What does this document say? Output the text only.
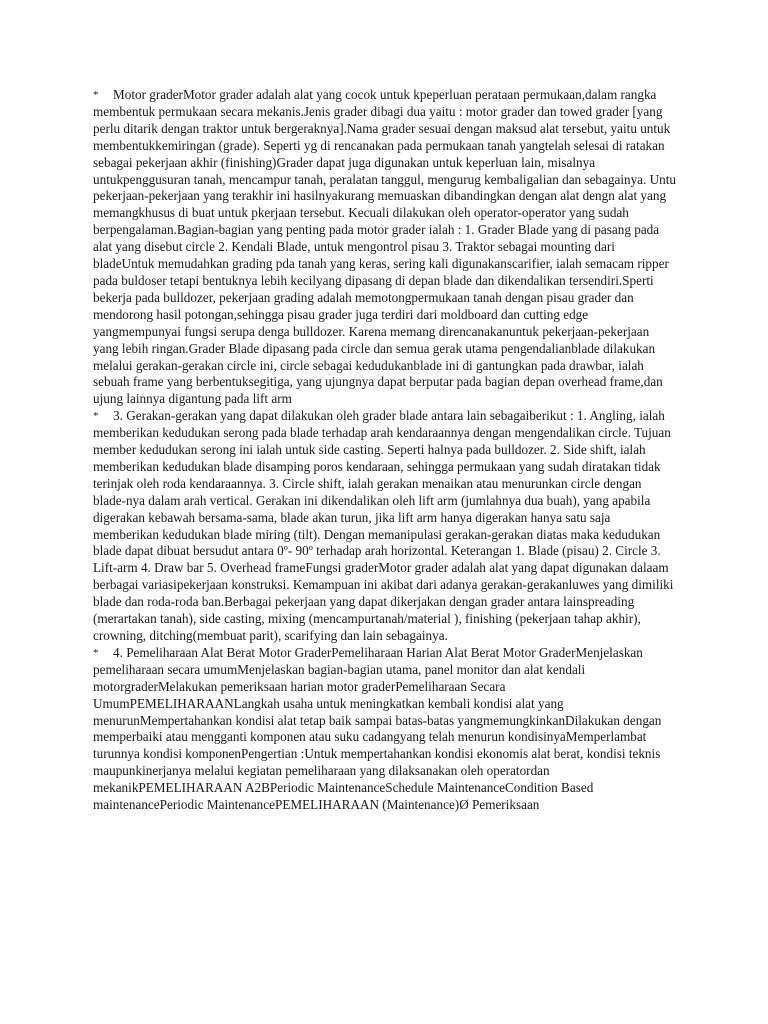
* Motor graderMotor grader adalah alat yang cocok untuk kpeperluan perataan permukaan,dalam rangka membentuk permukaan secara mekanis.Jenis grader dibagi dua yaitu : motor grader dan towed grader [yang perlu ditarik dengan traktor untuk bergeraknya].Nama grader sesuai dengan maksud alat tersebut, yaitu untuk membentukkemiringan (grade). Seperti yg di rencanakan pada permukaan tanah yangtelah selesai di ratakan sebagai pekerjaan akhir (finishing)Grader dapat juga digunakan untuk keperluan lain, misalnya untukpenggusuran tanah, mencampur tanah, peralatan tanggul, mengurug kembaligalian dan sebagainya. Untu pekerjaan-pekerjaan yang terakhir ini hasilnyakurang memuaskan dibandingkan dengan alat dengn alat yang memangkhusus di buat untuk pkerjaan tersebut. Kecuali dilakukan oleh operator-operator yang sudah berpengalaman.Bagian-bagian yang penting pada motor grader ialah : 1. Grader Blade yang di pasang pada alat yang disebut circle 2. Kendali Blade, untuk mengontrol pisau 3. Traktor sebagai mounting dari bladeUntuk memudahkan grading pda tanah yang keras, sering kali digunakanscarifier, ialah semacam ripper pada buldoser tetapi bentuknya lebih kecilyang dipasang di depan blade dan dikendalikan tersendiri.Sperti bekerja pada bulldozer, pekerjaan grading adalah memotongpermukaan tanah dengan pisau grader dan mendorong hasil potongan,sehingga pisau grader juga terdiri dari moldboard dan cutting edge yangmempunyai fungsi serupa denga bulldozer. Karena memang direncanakanuntuk pekerjaan-pekerjaan yang lebih ringan.Grader Blade dipasang pada circle dan semua gerak utama pengendalianblade dilakukan melalui gerakan-gerakan circle ini, circle sebagai kedudukanblade ini di gantungkan pada drawbar, ialah sebuah frame yang berbentuksegitiga, yang ujungnya dapat berputar pada bagian depan overhead frame,dan ujung lainnya digantung pada lift arm

* 3. Gerakan-gerakan yang dapat dilakukan oleh grader blade antara lain sebagaiberikut : 1. Angling, ialah memberikan kedudukan serong pada blade terhadap arah kendaraannya dengan mengendalikan circle. Tujuan member kedudukan serong ini ialah untuk side casting. Seperti halnya pada bulldozer. 2. Side shift, ialah memberikan kedudukan blade disamping poros kendaraan, sehingga permukaan yang sudah diratakan tidak terinjak oleh roda kendaraannya. 3. Circle shift, ialah gerakan menaikan atau menurunkan circle dengan blade-nya dalam arah vertical. Gerakan ini dikendalikan oleh lift arm (jumlahnya dua buah), yang apabila digerakan kebawah bersama-sama, blade akan turun, jika lift arm hanya digerakan hanya satu saja memberikan kedudukan blade miring (tilt). Dengan memanipulasi gerakan-gerakan diatas maka kedudukan blade dapat dibuat bersudut antara 0º- 90º terhadap arah horizontal. Keterangan 1. Blade (pisau) 2. Circle 3. Lift-arm 4. Draw bar 5. Overhead frameFungsi graderMotor grader adalah alat yang dapat digunakan dalaam berbagai variasipekerjaan konstruksi. Kemampuan ini akibat dari adanya gerakan-gerakanluwes yang dimiliki blade dan roda-roda ban.Berbagai pekerjaan yang dapat dikerjakan dengan grader antara lainspreading (merartakan tanah), side casting, mixing (mencampurtanah/material ), finishing (pekerjaan tahap akhir), crowning, ditching(membuat parit), scarifying dan lain sebagainya.

* 4. Pemeliharaan Alat Berat Motor GraderPemeliharaan Harian Alat Berat Motor GraderMenjelaskan pemeliharaan secara umumMenjelaskan bagian-bagian utama, panel monitor dan alat kendali motorgraderMelakukan pemeriksaan harian motor graderPemeliharaan Secara UmumPEMELIHARAANLangkah usaha untuk meningkatkan kembali kondisi alat yang menurunMempertahankan kondisi alat tetap baik sampai batas-batas yangmemungkinkanDilakukan dengan memperbaiki atau mengganti komponen atau suku cadangyang telah menurun kondisinyaMemperlambat turunnya kondisi komponenPengertian :Untuk mempertahankan kondisi ekonomis alat berat, kondisi teknis maupunkinerjanya melalui kegiatan pemeliharaan yang dilaksanakan oleh operatordan mekanikPEMELIHARAAN A2BPeriodic MaintenanceSchedule MaintenanceCondition Based maintenancePeriodic MaintenancePEMELIHARAAN (Maintenance)Ø Pemeriksaan
